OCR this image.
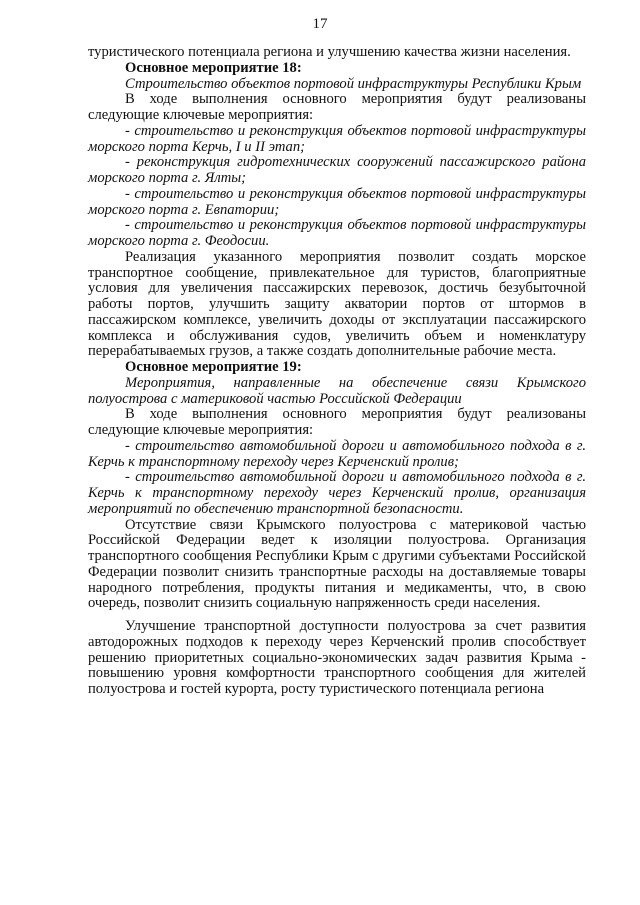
17

туристического потенциала региона и улучшению качества жизни населения.

Основное мероприятие 18:

Строительство объектов портовой инфраструктуры Республики Крым

В ходе выполнения основного мероприятия будут реализованы следующие ключевые мероприятия:

- строительство и реконструкция объектов портовой инфраструктуры морского порта Керчь, I и II этап;

- реконструкция гидротехнических сооружений пассажирского района морского порта г. Ялты;

- строительство и реконструкция объектов портовой инфраструктуры морского порта г. Евпатории;

- строительство и реконструкция объектов портовой инфраструктуры морского порта г. Феодосии.

Реализация указанного мероприятия позволит создать морское транспортное сообщение, привлекательное для туристов, благоприятные условия для увеличения пассажирских перевозок, достичь безубыточной работы портов, улучшить защиту акватории портов от штормов в пассажирском комплексе, увеличить доходы от эксплуатации пассажирского комплекса и обслуживания судов, увеличить объем и номенклатуру перерабатываемых грузов, а также создать дополнительные рабочие места.

Основное мероприятие 19:

Мероприятия, направленные на обеспечение связи Крымского полуострова с материковой частью Российской Федерации

В ходе выполнения основного мероприятия будут реализованы следующие ключевые мероприятия:

- строительство автомобильной дороги и автомобильного подхода в г. Керчь к транспортному переходу через Керченский пролив;

- строительство автомобильной дороги и автомобильного подхода в г. Керчь к транспортному переходу через Керченский пролив, организация мероприятий по обеспечению транспортной безопасности.

Отсутствие связи Крымского полуострова с материковой частью Российской Федерации ведет к изоляции полуострова. Организация транспортного сообщения Республики Крым с другими субъектами Российской Федерации позволит снизить транспортные расходы на доставляемые товары народного потребления, продукты питания и медикаменты, что, в свою очередь, позволит снизить социальную напряженность среди населения.

Улучшение транспортной доступности полуострова за счет развития автодорожных подходов к переходу через Керченский пролив способствует решению приоритетных социально-экономических задач развития Крыма - повышению уровня комфортности транспортного сообщения для жителей полуострова и гостей курорта, росту туристического потенциала региона
